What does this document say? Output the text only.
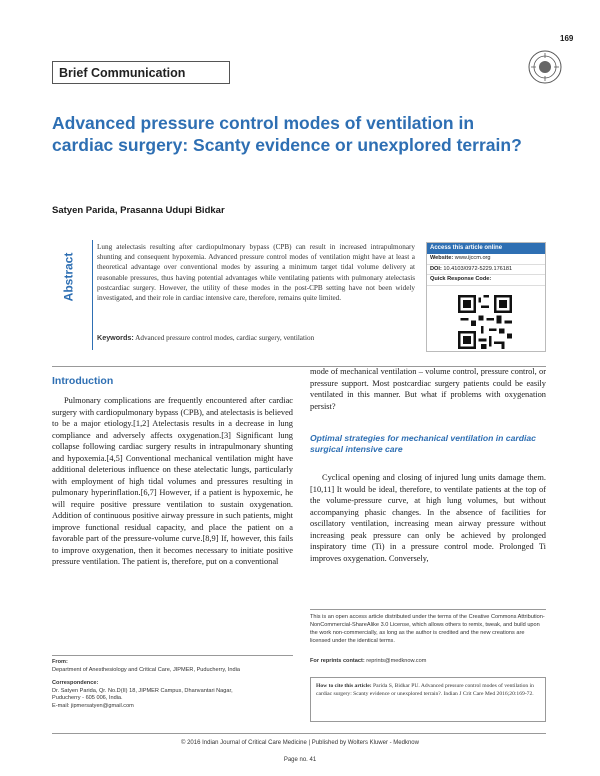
169
Brief Communication
Advanced pressure control modes of ventilation in cardiac surgery: Scanty evidence or unexplored terrain?
Satyen Parida, Prasanna Udupi Bidkar
Abstract
Lung atelectasis resulting after cardiopulmonary bypass (CPB) can result in increased intrapulmonary shunting and consequent hypoxemia. Advanced pressure control modes of ventilation might have at least a theoretical advantage over conventional modes by assuring a minimum target tidal volume delivery at reasonable pressures, thus having potential advantages while ventilating patients with pulmonary atelectasis postcardiac surgery. However, the utility of these modes in the post-CPB setting have not been widely investigated, and their role in cardiac intensive care, therefore, remains quite limited.
Keywords: Advanced pressure control modes, cardiac surgery, ventilation
Access this article online
Website: www.ijccm.org
DOI: 10.4103/0972-5229.176181
Quick Response Code:
Introduction

Pulmonary complications are frequently encountered after cardiac surgery with cardiopulmonary bypass (CPB), and atelectasis is believed to be a major etiology.[1,2] Atelectasis results in a decrease in lung compliance and adversely affects oxygenation.[3] Significant lung collapse following cardiac surgery results in intrapulmonary shunting and hypoxemia.[4,5] Conventional mechanical ventilation might have additional deleterious influence on these atelectatic lungs, particularly with employment of high tidal volumes and pressures resulting in pulmonary hyperinflation.[6,7] However, if a patient is hypoxemic, he will require positive pressure ventilation to sustain oxygenation. Addition of continuous positive airway pressure in such patients, might improve functional residual capacity, and place the patient on a favorable part of the pressure-volume curve.[8,9] If, however, this fails to improve oxygenation, then it becomes necessary to initiate positive pressure ventilation. The patient is, therefore, put on a conventional

mode of mechanical ventilation – volume control, pressure control, or pressure support. Most postcardiac surgery patients could be easily ventilated in this manner. But what if problems with oxygenation persist?

Optimal strategies for mechanical ventilation in cardiac surgical intensive care

Cyclical opening and closing of injured lung units damage them.[10,11] It would be ideal, therefore, to ventilate patients at the top of the volume-pressure curve, at high lung volumes, but without accompanying phasic changes. In the absence of facilities for oscillatory ventilation, increasing mean airway pressure without increasing peak pressure can only be achieved by prolonged inspiratory time (Ti) in a pressure control mode. Prolonged Ti improves oxygenation. Conversely,

This is an open access article distributed under the terms of the Creative Commons Attribution-NonCommercial-ShareAlike 3.0 License, which allows others to remix, tweak, and build upon the work non-commercially, as long as the author is credited and the new creations are licensed under the identical terms.
For reprints contact: reprints@medknow.com
How to cite this article: Parida S, Bidkar PU. Advanced pressure control modes of ventilation in cardiac surgery: Scanty evidence or unexplored terrain?. Indian J Crit Care Med 2016;20:169-72.
From:
Department of Anesthesiology and Critical Care, JIPMER, Puducherry, India
Correspondence:
Dr. Satyen Parida, Qr. No.D(II) 18, JIPMER Campus, Dhanvantari Nagar,
Puducherry - 605 006, India.
E-mail: jipmersatyen@gmail.com
© 2016 Indian Journal of Critical Care Medicine | Published by Wolters Kluwer - Medknow
Page no. 41
